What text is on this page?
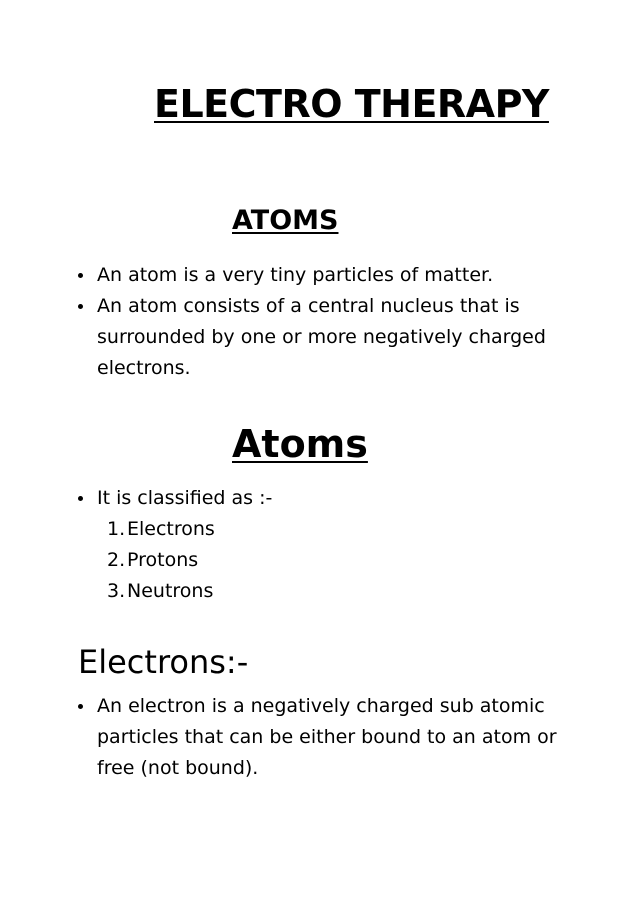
ELECTRO THERAPY
ATOMS
An atom is a very tiny particles of matter.
An atom consists of a central nucleus that is surrounded by one or more negatively charged electrons.
Atoms
It is classified as :-
1.Electrons
2.Protons
3.Neutrons
Electrons:-
An electron is a negatively charged sub atomic particles that can be either bound to an atom or free (not bound).
